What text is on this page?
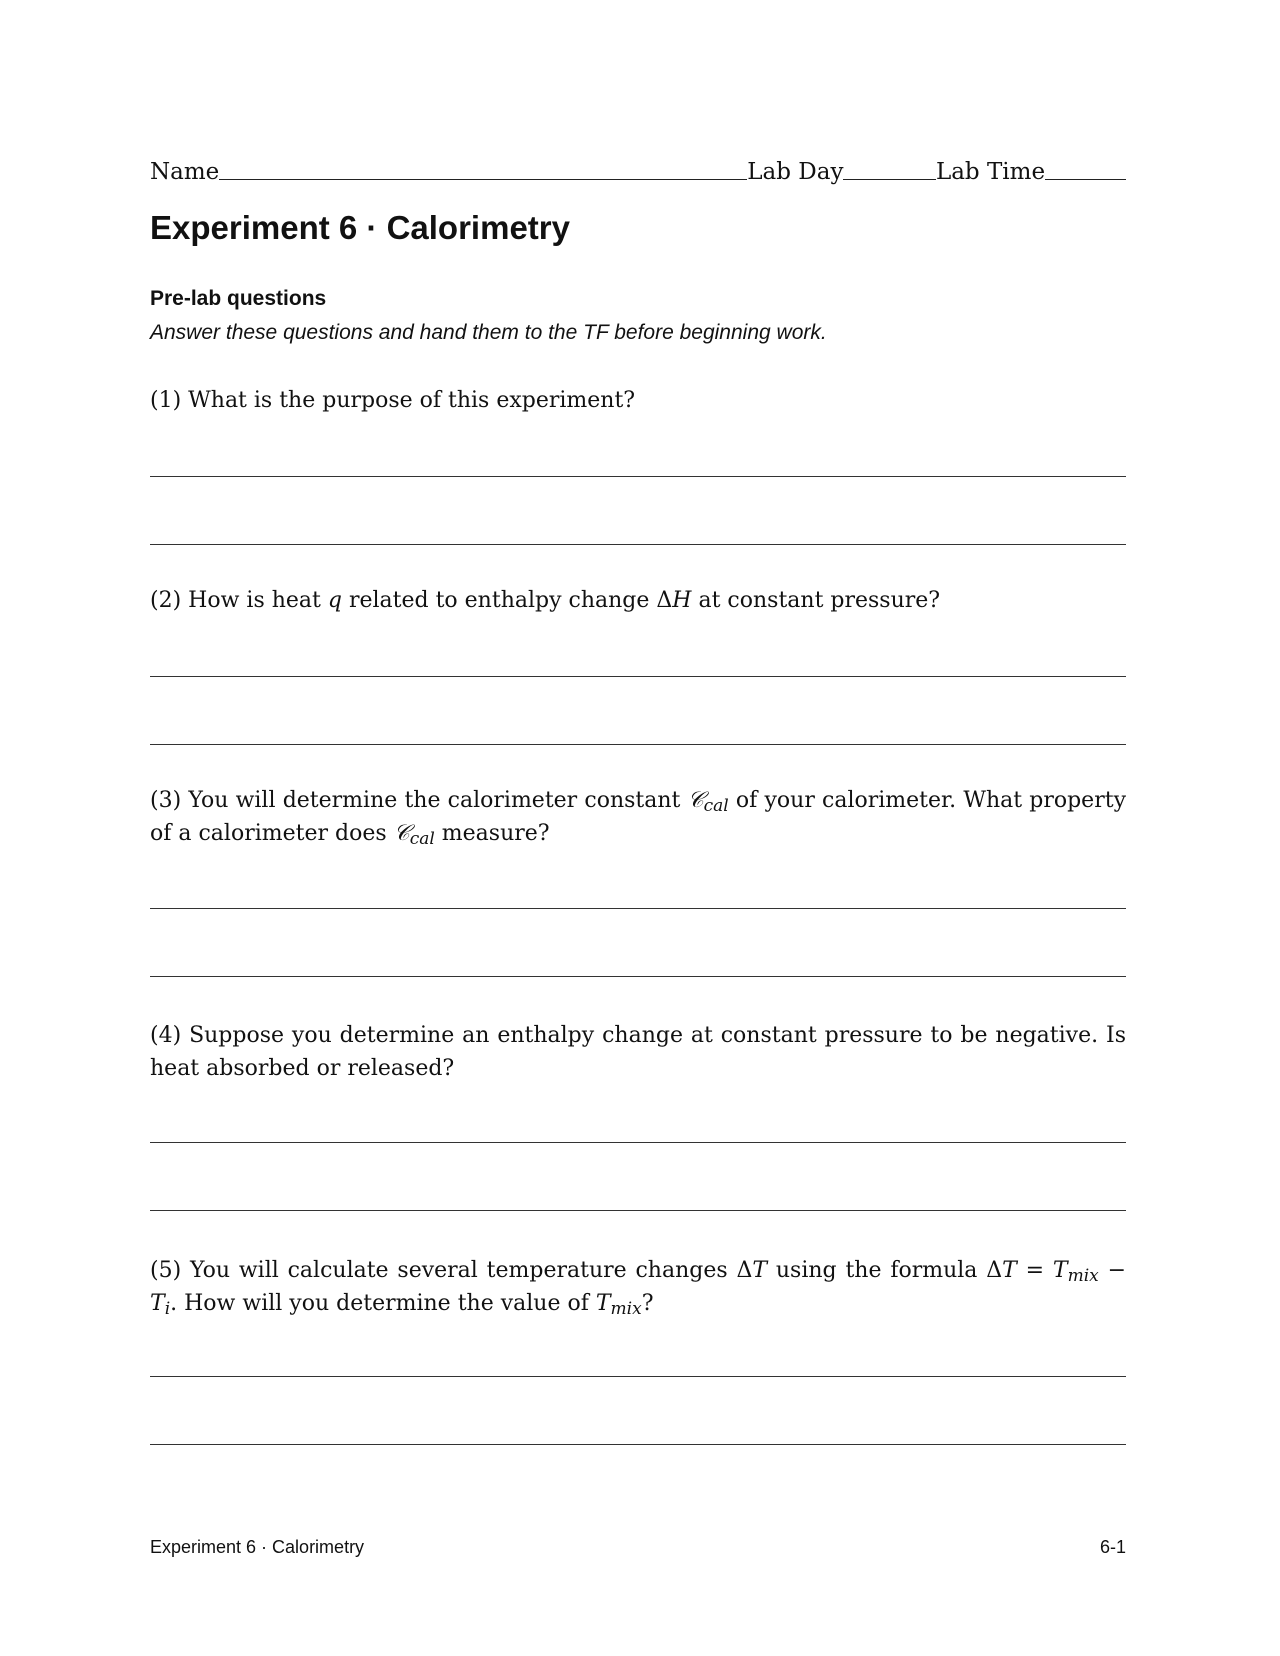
Name	Lab Day	Lab Time
Experiment 6 · Calorimetry
Pre-lab questions

Answer these questions and hand them to the TF before beginning work.

(1) What is the purpose of this experiment?

(2) How is heat q related to enthalpy change ΔH at constant pressure?

(3) You will determine the calorimeter constant 𝒞$_{cal}$ of your calorimeter. What property of a calorimeter does 𝒞$_{cal}$ measure?

(4) Suppose you determine an enthalpy change at constant pressure to be negative. Is heat absorbed or released?

(5) You will calculate several temperature changes ΔT using the formula $\Delta T = T_{mix} - T_i$. How will you determine the value of $T_{mix}$?

Experiment 6 · Calorimetry	6-1
